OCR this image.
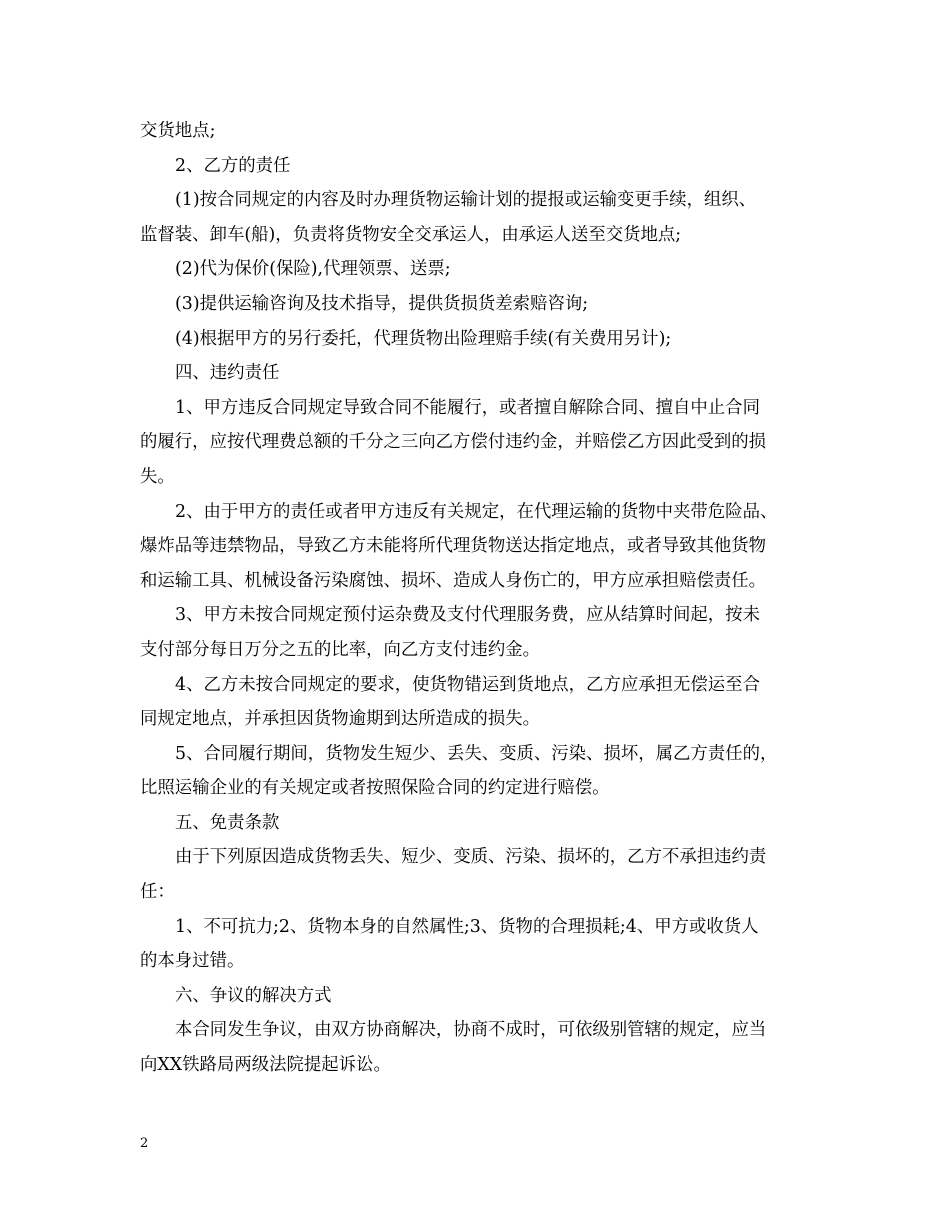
交货地点;

2、乙方的责任

(1)按合同规定的内容及时办理货物运输计划的提报或运输变更手续，组织、

监督装、卸车(船)，负责将货物安全交承运人，由承运人送至交货地点;

(2)代为保价(保险),代理领票、送票;

(3)提供运输咨询及技术指导，提供货损货差索赔咨询;

(4)根据甲方的另行委托，代理货物出险理赔手续(有关费用另计);

四、违约责任

1、甲方违反合同规定导致合同不能履行，或者擅自解除合同、擅自中止合同

的履行，应按代理费总额的千分之三向乙方偿付违约金，并赔偿乙方因此受到的损

失。

2、由于甲方的责任或者甲方违反有关规定，在代理运输的货物中夹带危险品、

爆炸品等违禁物品，导致乙方未能将所代理货物送达指定地点，或者导致其他货物

和运输工具、机械设备污染腐蚀、损坏、造成人身伤亡的，甲方应承担赔偿责任。

3、甲方未按合同规定预付运杂费及支付代理服务费，应从结算时间起，按未

支付部分每日万分之五的比率，向乙方支付违约金。

4、乙方未按合同规定的要求，使货物错运到货地点，乙方应承担无偿运至合

同规定地点，并承担因货物逾期到达所造成的损失。

5、合同履行期间，货物发生短少、丢失、变质、污染、损坏，属乙方责任的，

比照运输企业的有关规定或者按照保险合同的约定进行赔偿。

五、免责条款

由于下列原因造成货物丢失、短少、变质、污染、损坏的，乙方不承担违约责

任：

1、不可抗力;2、货物本身的自然属性;3、货物的合理损耗;4、甲方或收货人

的本身过错。

六、争议的解决方式

本合同发生争议，由双方协商解决，协商不成时，可依级别管辖的规定，应当

向XX铁路局两级法院提起诉讼。

2
